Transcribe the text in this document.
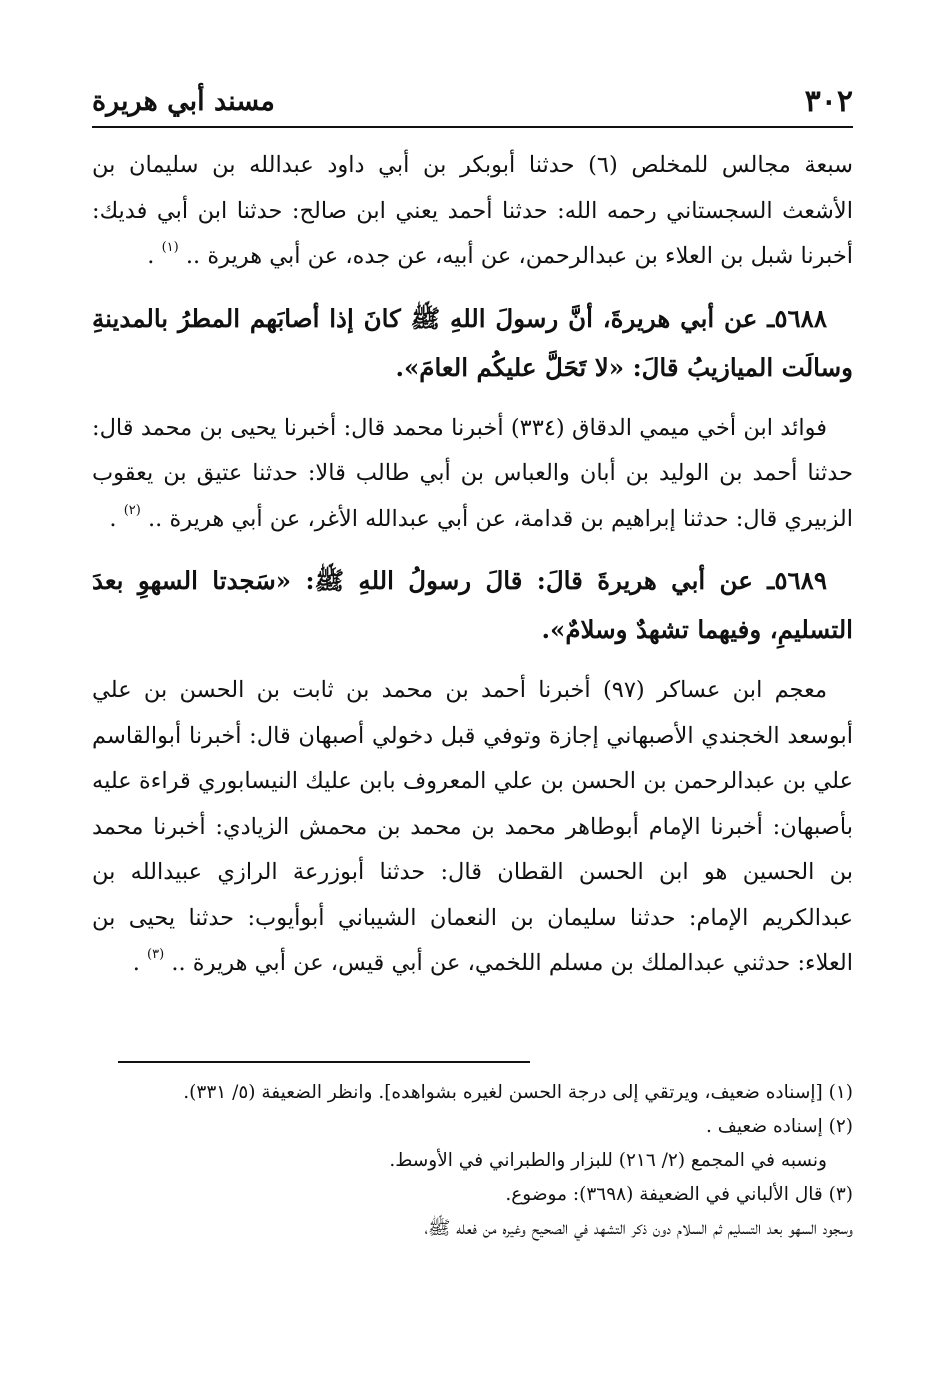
٣٠٢
مسند أبي هريرة

سبعة مجالس للمخلص (٦) حدثنا أبوبكر بن أبي داود عبدالله بن سليمان بن الأشعث السجستاني رحمه الله: حدثنا أحمد يعني ابن صالح: حدثنا ابن أبي فديك: أخبرنا شبل بن العلاء بن عبدالرحمن، عن أبيه، عن جده، عن أبي هريرة .. $^{(١)}$ .

٥٦٨٨ـ عن أبي هريرةَ، أنَّ رسولَ اللهِ ﷺ كانَ إذا أصابَهم المطرُ بالمدينةِ وسالَت الميازيبُ قالَ: «لا تَحَلَّ عليكُم العامَ».

فوائد ابن أخي ميمي الدقاق (٣٣٤) أخبرنا محمد قال: أخبرنا يحيى بن محمد قال: حدثنا أحمد بن الوليد بن أبان والعباس بن أبي طالب قالا: حدثنا عتيق بن يعقوب الزبيري قال: حدثنا إبراهيم بن قدامة، عن أبي عبدالله الأغر، عن أبي هريرة .. $^{(٢)}$ .

٥٦٨٩ـ عن أبي هريرةَ قالَ: قالَ رسولُ اللهِ ﷺ: «سَجدتا السهوِ بعدَ التسليمِ، وفيهما تشهدٌ وسلامٌ».

معجم ابن عساكر (٩٧) أخبرنا أحمد بن محمد بن ثابت بن الحسن بن علي أبوسعد الخجندي الأصبهاني إجازة وتوفي قبل دخولي أصبهان قال: أخبرنا أبوالقاسم علي بن عبدالرحمن بن الحسن بن علي المعروف بابن عليك النيسابوري قراءة عليه بأصبهان: أخبرنا الإمام أبوطاهر محمد بن محمد بن محمش الزيادي: أخبرنا محمد بن الحسين هو ابن الحسن القطان قال: حدثنا أبوزرعة الرازي عبيدالله بن عبدالكريم الإمام: حدثنا سليمان بن النعمان الشيباني أبوأيوب: حدثنا يحيى بن العلاء: حدثني عبدالملك بن مسلم اللخمي، عن أبي قيس، عن أبي هريرة .. $^{(٣)}$ .

(١) [إسناده ضعيف، ويرتقي إلى درجة الحسن لغيره بشواهده]. وانظر الضعيفة (٥/ ٣٣١).

(٢) إسناده ضعيف .

ونسبه في المجمع (٢/ ٢١٦) للبزار والطبراني في الأوسط.

(٣) قال الألباني في الضعيفة (٣٦٩٨): موضوع.

وسجود السهو بعد التسليم ثم السلام دون ذكر التشهد في الصحيح وغيره من فعله ﷺ،
